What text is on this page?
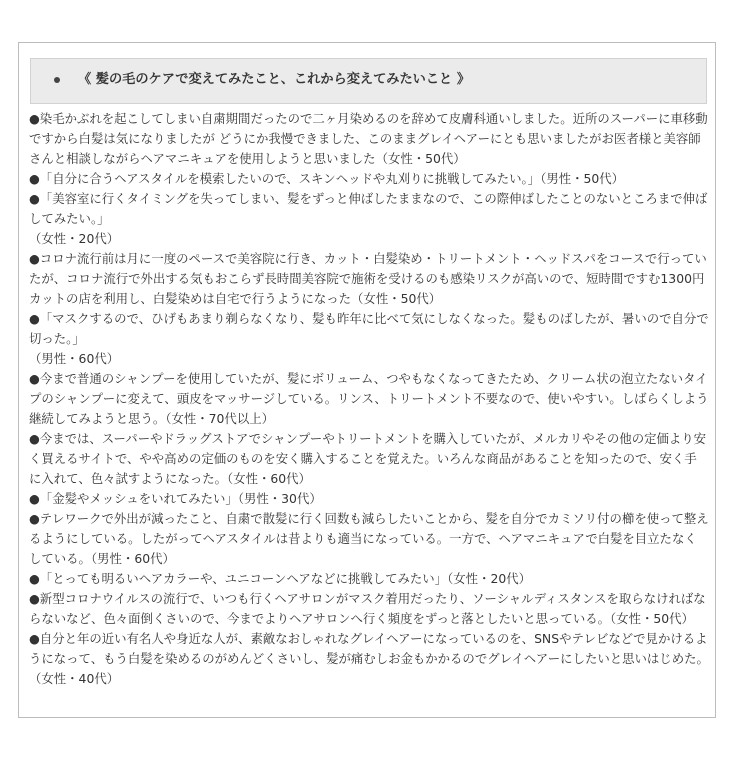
《 髪の毛のケアで変えてみたこと、これから変えてみたいこと 》

●染毛かぶれを起こしてしまい自粛期間だったので二ヶ月染めるのを辞めて皮膚科通いしました。近所のスーパーに車移動ですから白髪は気になりましたが どうにか我慢できました、このままグレイヘアーにとも思いましたがお医者様と美容師さんと相談しながらヘアマニキュアを使用しようと思いました（女性・50代）

●「自分に合うヘアスタイルを模索したいので、スキンヘッドや丸刈りに挑戦してみたい。」（男性・50代）

●「美容室に行くタイミングを失ってしまい、髪をずっと伸ばしたままなので、この際伸ばしたことのないところまで伸ばしてみたい。」

（女性・20代）

●コロナ流行前は月に一度のペースで美容院に行き、カット・白髪染め・トリートメント・ヘッドスパをコースで行っていたが、コロナ流行で外出する気もおこらず長時間美容院で施術を受けるのも感染リスクが高いので、短時間ですむ1300円カットの店を利用し、白髪染めは自宅で行うようになった（女性・50代）

●「マスクするので、ひげもあまり剃らなくなり、髪も昨年に比べて気にしなくなった。髪ものばしたが、暑いので自分で切った。」

（男性・60代）

●今まで普通のシャンプーを使用していたが、髪にボリューム、つやもなくなってきたため、クリーム状の泡立たないタイプのシャンプーに変えて、頭皮をマッサージしている。リンス、トリートメント不要なので、使いやすい。しばらくしよう継続してみようと思う。（女性・70代以上）

●今までは、スーパーやドラッグストアでシャンプーやトリートメントを購入していたが、メルカリやその他の定価より安く買えるサイトで、やや高めの定価のものを安く購入することを覚えた。いろんな商品があることを知ったので、安く手に入れて、色々試すようになった。（女性・60代）

●「金髪やメッシュをいれてみたい」（男性・30代）

●テレワークで外出が減ったこと、自粛で散髪に行く回数も減らしたいことから、髪を自分でカミソリ付の櫛を使って整えるようにしている。したがってヘアスタイルは昔よりも適当になっている。一方で、ヘアマニキュアで白髪を目立たなくしている。（男性・60代）

●「とっても明るいヘアカラーや、ユニコーンヘアなどに挑戦してみたい」（女性・20代）

●新型コロナウイルスの流行で、いつも行くヘアサロンがマスク着用だったり、ソーシャルディスタンスを取らなければならないなど、色々面倒くさいので、今までよりヘアサロンへ行く頻度をずっと落としたいと思っている。（女性・50代）

●自分と年の近い有名人や身近な人が、素敵なおしゃれなグレイヘアーになっているのを、SNSやテレビなどで見かけるようになって、もう白髪を染めるのがめんどくさいし、髪が痛むしお金もかかるのでグレイヘアーにしたいと思いはじめた。（女性・40代）
